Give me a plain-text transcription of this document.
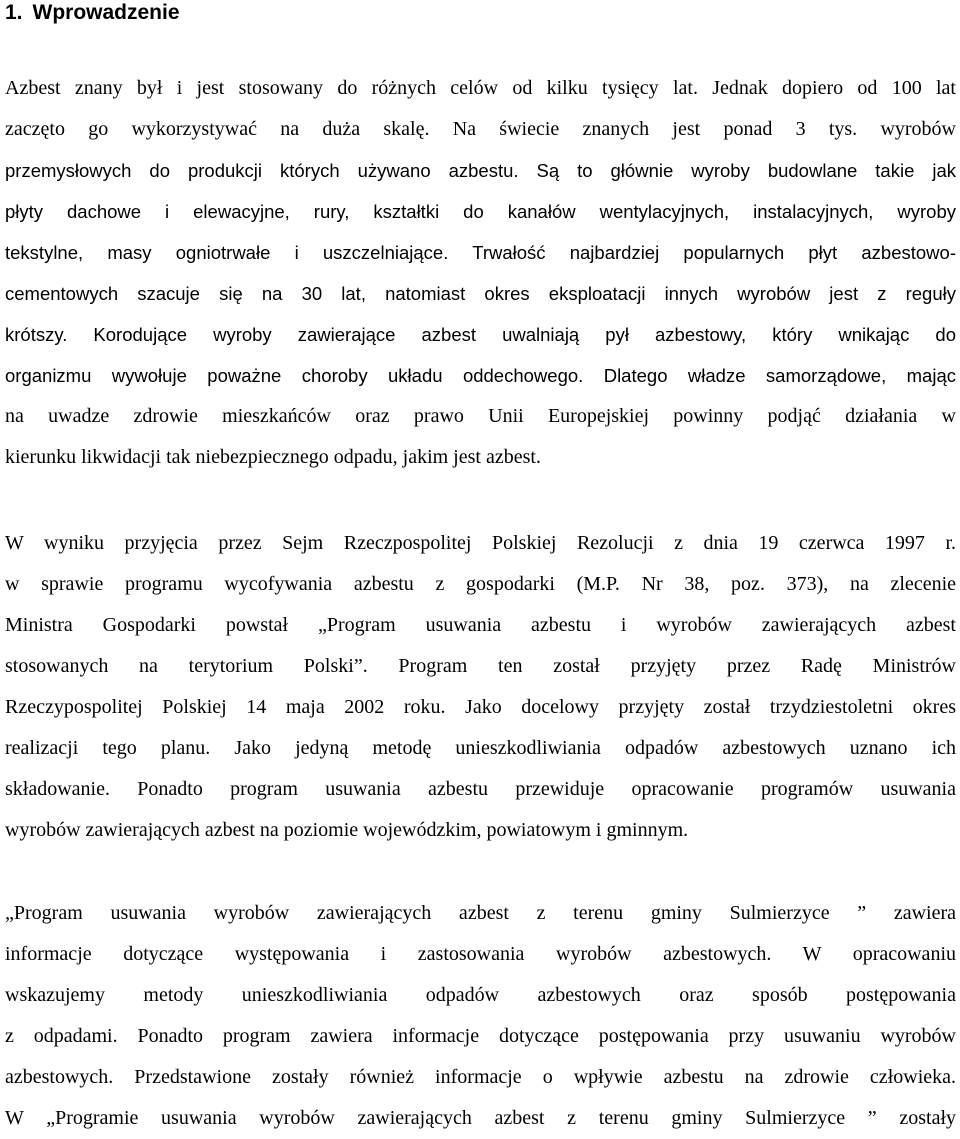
1. Wprowadzenie
Azbest znany był i jest stosowany do różnych celów od kilku tysięcy lat. Jednak dopiero od 100 lat
zaczęto go wykorzystywać na duża skalę. Na świecie znanych jest ponad 3 tys. wyrobów
przemysłowych do produkcji których używano azbestu. Są to głównie wyroby budowlane takie jak
płyty dachowe i elewacyjne, rury, kształtki do kanałów wentylacyjnych, instalacyjnych, wyroby
tekstylne, masy ogniotrwałe i uszczelniające. Trwałość najbardziej popularnych płyt azbestowo-
cementowych szacuje się na 30 lat, natomiast okres eksploatacji innych wyrobów jest z reguły
krótszy. Korodujące wyroby zawierające azbest uwalniają pył azbestowy, który wnikając do
organizmu wywołuje poważne choroby układu oddechowego. Dlatego władze samorządowe, mając
na uwadze zdrowie mieszkańców oraz prawo Unii Europejskiej powinny podjąć działania w
kierunku likwidacji tak niebezpiecznego odpadu, jakim jest azbest.
W wyniku przyjęcia przez Sejm Rzeczpospolitej Polskiej Rezolucji z dnia 19 czerwca 1997 r.
w sprawie programu wycofywania azbestu z gospodarki (M.P. Nr 38, poz. 373), na zlecenie
Ministra Gospodarki powstał „Program usuwania azbestu i wyrobów zawierających azbest
stosowanych na terytorium Polski”. Program ten został przyjęty przez Radę Ministrów
Rzeczypospolitej Polskiej 14 maja 2002 roku. Jako docelowy przyjęty został trzydziestoletni okres
realizacji tego planu. Jako jedyną metodę unieszkodliwiania odpadów azbestowych uznano ich
składowanie. Ponadto program usuwania azbestu przewiduje opracowanie programów usuwania
wyrobów zawierających azbest na poziomie wojewódzkim, powiatowym i gminnym.
„Program usuwania wyrobów zawierających azbest z terenu gminy Sulmierzyce ” zawiera
informacje dotyczące występowania i zastosowania wyrobów azbestowych. W opracowaniu
wskazujemy metody unieszkodliwiania odpadów azbestowych oraz sposób postępowania
z odpadami. Ponadto program zawiera informacje dotyczące postępowania przy usuwaniu wyrobów
azbestowych. Przedstawione zostały również informacje o wpływie azbestu na zdrowie człowieka.
W „Programie usuwania wyrobów zawierających azbest z terenu gminy Sulmierzyce ” zostały
